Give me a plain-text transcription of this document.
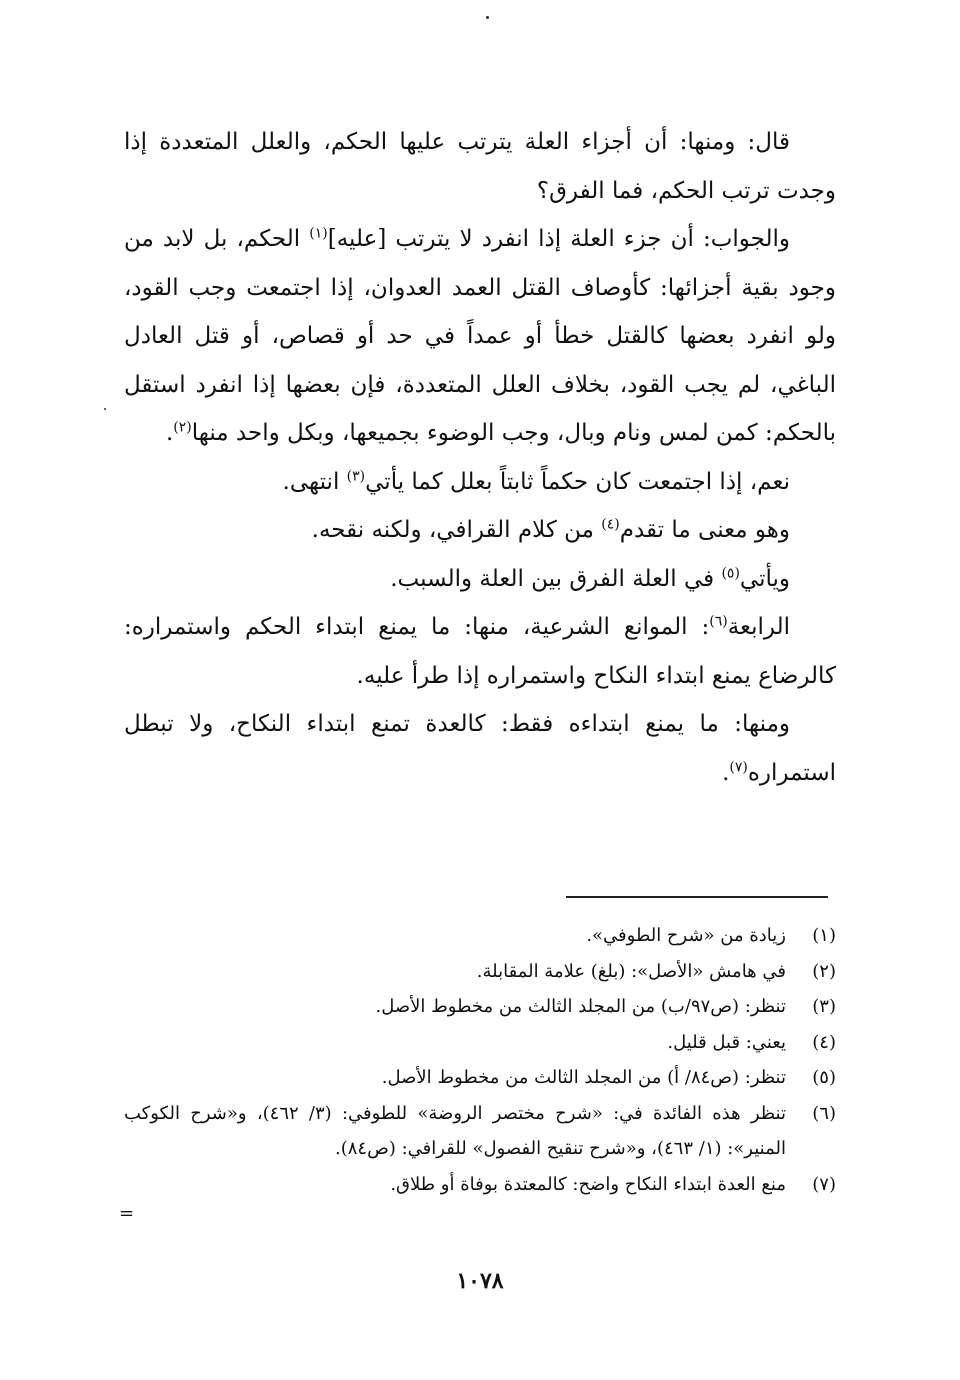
قال: ومنها: أن أجزاء العلة يترتب عليها الحكم، والعلل المتعددة إذا وجدت ترتب الحكم، فما الفرق؟

والجواب: أن جزء العلة إذا انفرد لا يترتب [عليه]$^{(١)}$ الحكم، بل لابد من وجود بقية أجزائها: كأوصاف القتل العمد العدوان، إذا اجتمعت وجب القود، ولو انفرد بعضها كالقتل خطأ أو عمداً في حد أو قصاص، أو قتل العادل الباغي، لم يجب القود، بخلاف العلل المتعددة، فإن بعضها إذا انفرد استقل بالحكم: كمن لمس ونام وبال، وجب الوضوء بجميعها، وبكل واحد منها$^{(٢)}$.

نعم، إذا اجتمعت كان حكماً ثابتاً بعلل كما يأتي$^{(٣)}$ انتهى.

وهو معنى ما تقدم$^{(٤)}$ من كلام القرافي، ولكنه نقحه.

ويأتي$^{(٥)}$ في العلة الفرق بين العلة والسبب.

الرابعة$^{(٦)}$: الموانع الشرعية، منها: ما يمنع ابتداء الحكم واستمراره: كالرضاع يمنع ابتداء النكاح واستمراره إذا طرأ عليه.

ومنها: ما يمنع ابتداءه فقط: كالعدة تمنع ابتداء النكاح، ولا تبطل استمراره$^{(٧)}$.

(١)
زيادة من «شرح الطوفي».
(٢)
في هامش «الأصل»: (بلغ) علامة المقابلة.
(٣)
تنظر: (ص٩٧/ب) من المجلد الثالث من مخطوط الأصل.
(٤)
يعني: قبل قليل.
(٥)
تنظر: (ص٨٤/ أ) من المجلد الثالث من مخطوط الأصل.
(٦)
تنظر هذه الفائدة في: «شرح مختصر الروضة» للطوفي: (٣/ ٤٦٢)، و«شرح الكوكب المنير»: (١/ ٤٦٣)، و«شرح تنقيح الفصول» للقرافي: (ص٨٤).
(٧)
منع العدة ابتداء النكاح واضح: كالمعتدة بوفاة أو طلاق.
=
١٠٧٨
